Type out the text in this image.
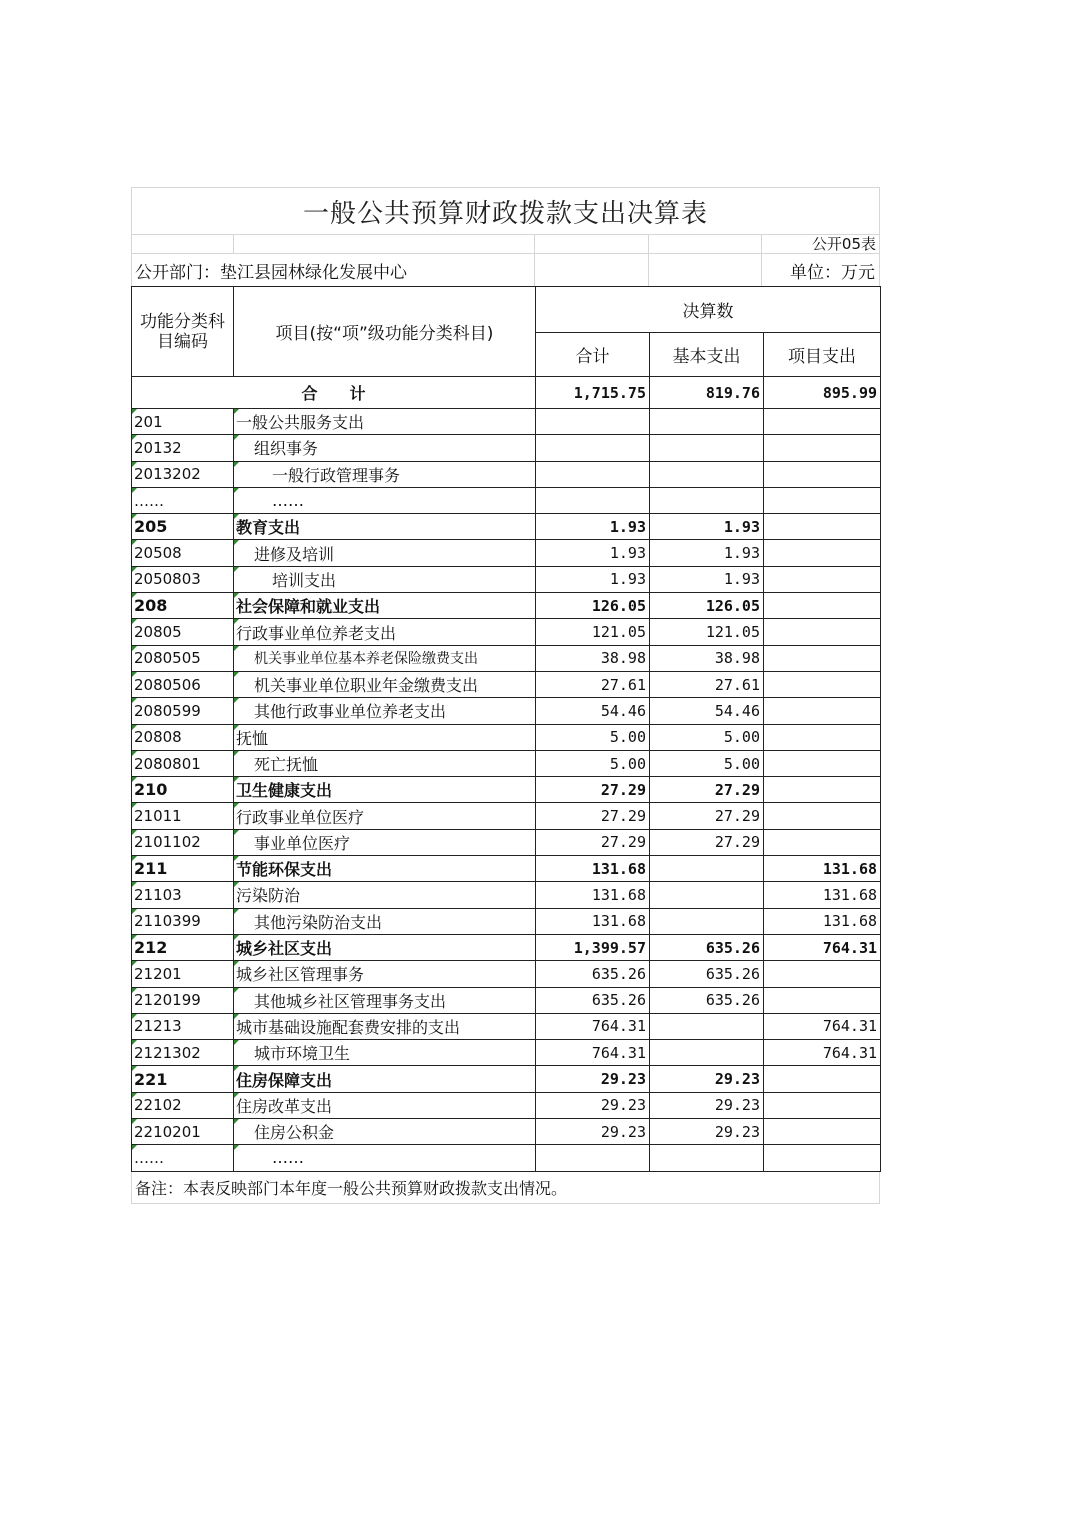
一般公共预算财政拨款支出决算表
公开05表
公开部门：垫江县园林绿化发展中心	单位：万元
功能分类科目编码	项目(按“项”级功能分类科目)	决算数		
		合计	基本支出	项目支出
合　　计		1,715.75	819.76	895.99
201	一般公共服务支出			
20132	组织事务			
2013202	一般行政管理事务			
……	……			
205	教育支出	1.93	1.93	
20508	进修及培训	1.93	1.93	
2050803	培训支出	1.93	1.93	
208	社会保障和就业支出	126.05	126.05	
20805	行政事业单位养老支出	121.05	121.05	
2080505	机关事业单位基本养老保险缴费支出	38.98	38.98	
2080506	机关事业单位职业年金缴费支出	27.61	27.61	
2080599	其他行政事业单位养老支出	54.46	54.46	
20808	抚恤	5.00	5.00	
2080801	死亡抚恤	5.00	5.00	
210	卫生健康支出	27.29	27.29	
21011	行政事业单位医疗	27.29	27.29	
2101102	事业单位医疗	27.29	27.29	
211	节能环保支出	131.68		131.68
21103	污染防治	131.68		131.68
2110399	其他污染防治支出	131.68		131.68
212	城乡社区支出	1,399.57	635.26	764.31
21201	城乡社区管理事务	635.26	635.26	
2120199	其他城乡社区管理事务支出	635.26	635.26	
21213	城市基础设施配套费安排的支出	764.31		764.31
2121302	城市环境卫生	764.31		764.31
221	住房保障支出	29.23	29.23	
22102	住房改革支出	29.23	29.23	
2210201	住房公积金	29.23	29.23	
……	……			
备注：本表反映部门本年度一般公共预算财政拨款支出情况。
